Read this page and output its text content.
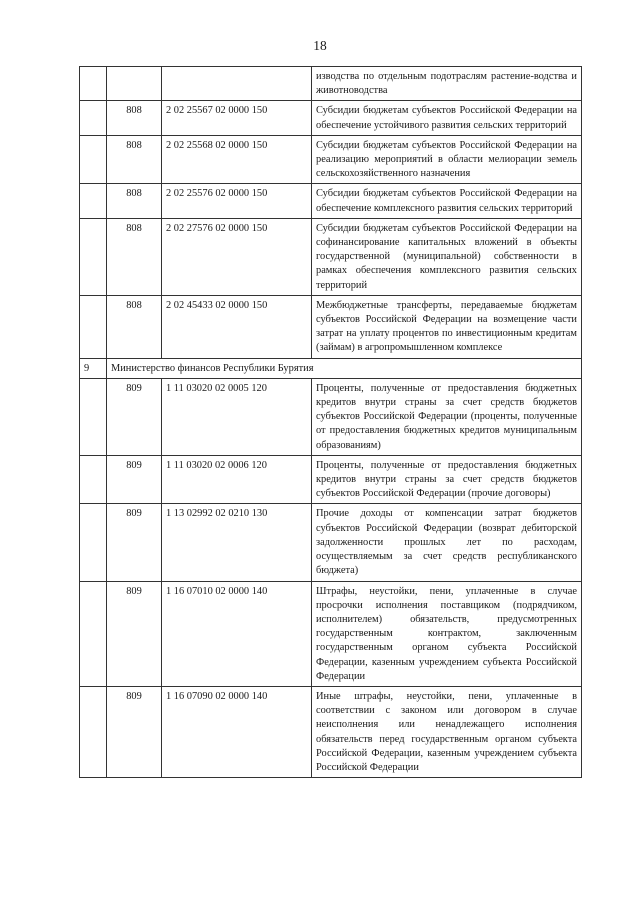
18
			изводства по отдельным подотраслям растение-водства и животноводства
	808	2 02 25567 02 0000 150	Субсидии бюджетам субъектов Российской Федерации на обеспечение устойчивого развития сельских территорий
	808	2 02 25568 02 0000 150	Субсидии бюджетам субъектов Российской Федерации на реализацию мероприятий в области мелиорации земель сельскохозяйственного назначения
	808	2 02 25576 02 0000 150	Субсидии бюджетам субъектов Российской Федерации на обеспечение комплексного развития сельских территорий
	808	2 02 27576 02 0000 150	Субсидии бюджетам субъектов Российской Федерации на софинансирование капитальных вложений в объекты государственной (муниципальной) собственности в рамках обеспечения комплексного развития сельских территорий
	808	2 02 45433 02 0000 150	Межбюджетные трансферты, передаваемые бюджетам субъектов Российской Федерации на возмещение части затрат на уплату процентов по инвестиционным кредитам (займам) в агропромышленном комплексе
9	Министерство финансов Республики Бурятия		
	809	1 11 03020 02 0005 120	Проценты, полученные от предоставления бюджетных кредитов внутри страны за счет средств бюджетов субъектов Российской Федерации (проценты, полученные от предоставления бюджетных кредитов муниципальным образованиям)
	809	1 11 03020 02 0006 120	Проценты, полученные от предоставления бюджетных кредитов внутри страны за счет средств бюджетов субъектов Российской Федерации (прочие договоры)
	809	1 13 02992 02 0210 130	Прочие доходы от компенсации затрат бюджетов субъектов Российской Федерации (возврат дебиторской задолженности прошлых лет по расходам, осуществляемым за счет средств республиканского бюджета)
	809	1 16 07010 02 0000 140	Штрафы, неустойки, пени, уплаченные в случае просрочки исполнения поставщиком (подрядчиком, исполнителем) обязательств, предусмотренных государственным контрактом, заключенным государственным органом субъекта Российской Федерации, казенным учреждением субъекта Российской Федерации
	809	1 16 07090 02 0000 140	Иные штрафы, неустойки, пени, уплаченные в соответствии с законом или договором в случае неисполнения или ненадлежащего исполнения обязательств перед государственным органом субъекта Российской Федерации, казенным учреждением субъекта Российской Федерации
